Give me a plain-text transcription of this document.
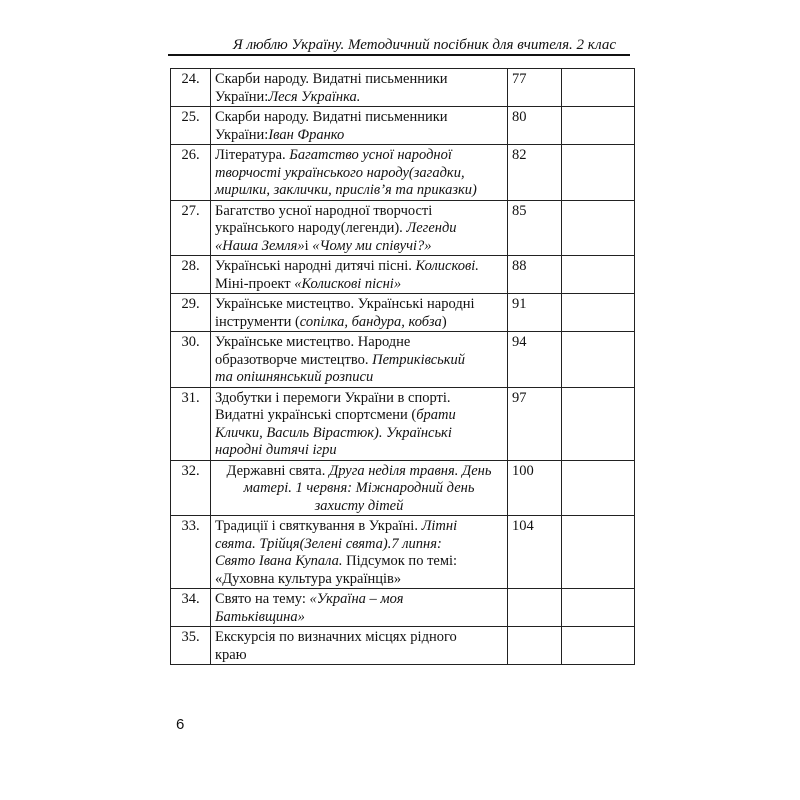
Я люблю Україну. Методичний посібник для вчителя. 2 клас
24.	Скарби народу. Видатні письменники
України:Леся Українка.	77	
25.	Скарби народу. Видатні письменники
України:Іван Франко	80	
26.	Література. Багатство усної народної
творчості українського народу(загадки,
мирилки, заклички, прислів’я та приказки)	82	
27.	Багатство усної народної творчості
українського народу(легенди). Легенди
«Наша Земля»і «Чому ми співучі?»	85	
28.	Українські народні дитячі пісні. Колискові.
Міні-проект «Колискові пісні»	88	
29.	Українське мистецтво. Українські народні
інструменти (сопілка, бандура, кобза)	91	
30.	Українське мистецтво. Народне
образотворче мистецтво. Петриківський
та опішнянський розписи	94	
31.	Здобутки і перемоги України в спорті.
Видатні українські спортсмени (брати
Клички, Василь Вірастюк). Українські
народні дитячі ігри	97	
32.	Державні свята. Друга неділя травня. День
матері. 1 червня: Міжнародний день
захисту дітей	100	
33.	Традиції і святкування в Україні. Літні
свята. Трійця(Зелені свята).7 липня:
Свято Івана Купала. Підсумок по темі:
«Духовна культура українців»	104	
34.	Свято на тему: «Україна – моя
Батьківщина»		
35.	Екскурсія по визначних місцях рідного
краю		
6
